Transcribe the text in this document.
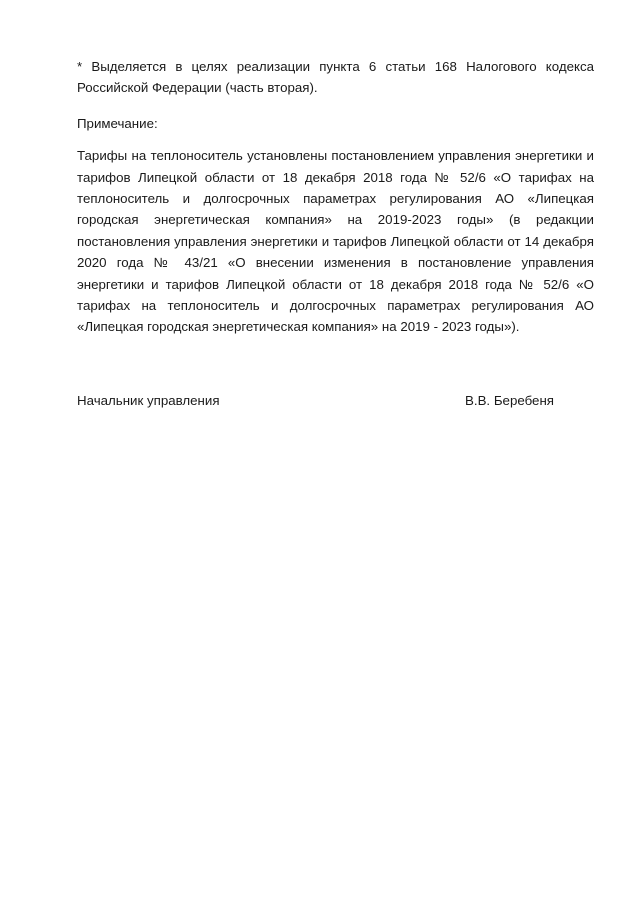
* Выделяется в целях реализации пункта 6 статьи 168 Налогового кодекса Российской Федерации (часть вторая).

Примечание:

Тарифы на теплоноситель установлены постановлением управления энергетики и тарифов Липецкой области от 18 декабря 2018 года № 52/6 «О тарифах на теплоноситель и долгосрочных параметрах регулирования АО «Липецкая городская энергетическая компания» на 2019-2023 годы» (в редакции постановления управления энергетики и тарифов Липецкой области от 14 декабря 2020 года № 43/21 «О внесении изменения в постановление управления энергетики и тарифов Липецкой области от 18 декабря 2018 года № 52/6 «О тарифах на теплоноситель и долгосрочных параметрах регулирования АО «Липецкая городская энергетическая компания» на 2019 - 2023 годы»).

Начальник управления	В.В. Беребеня
